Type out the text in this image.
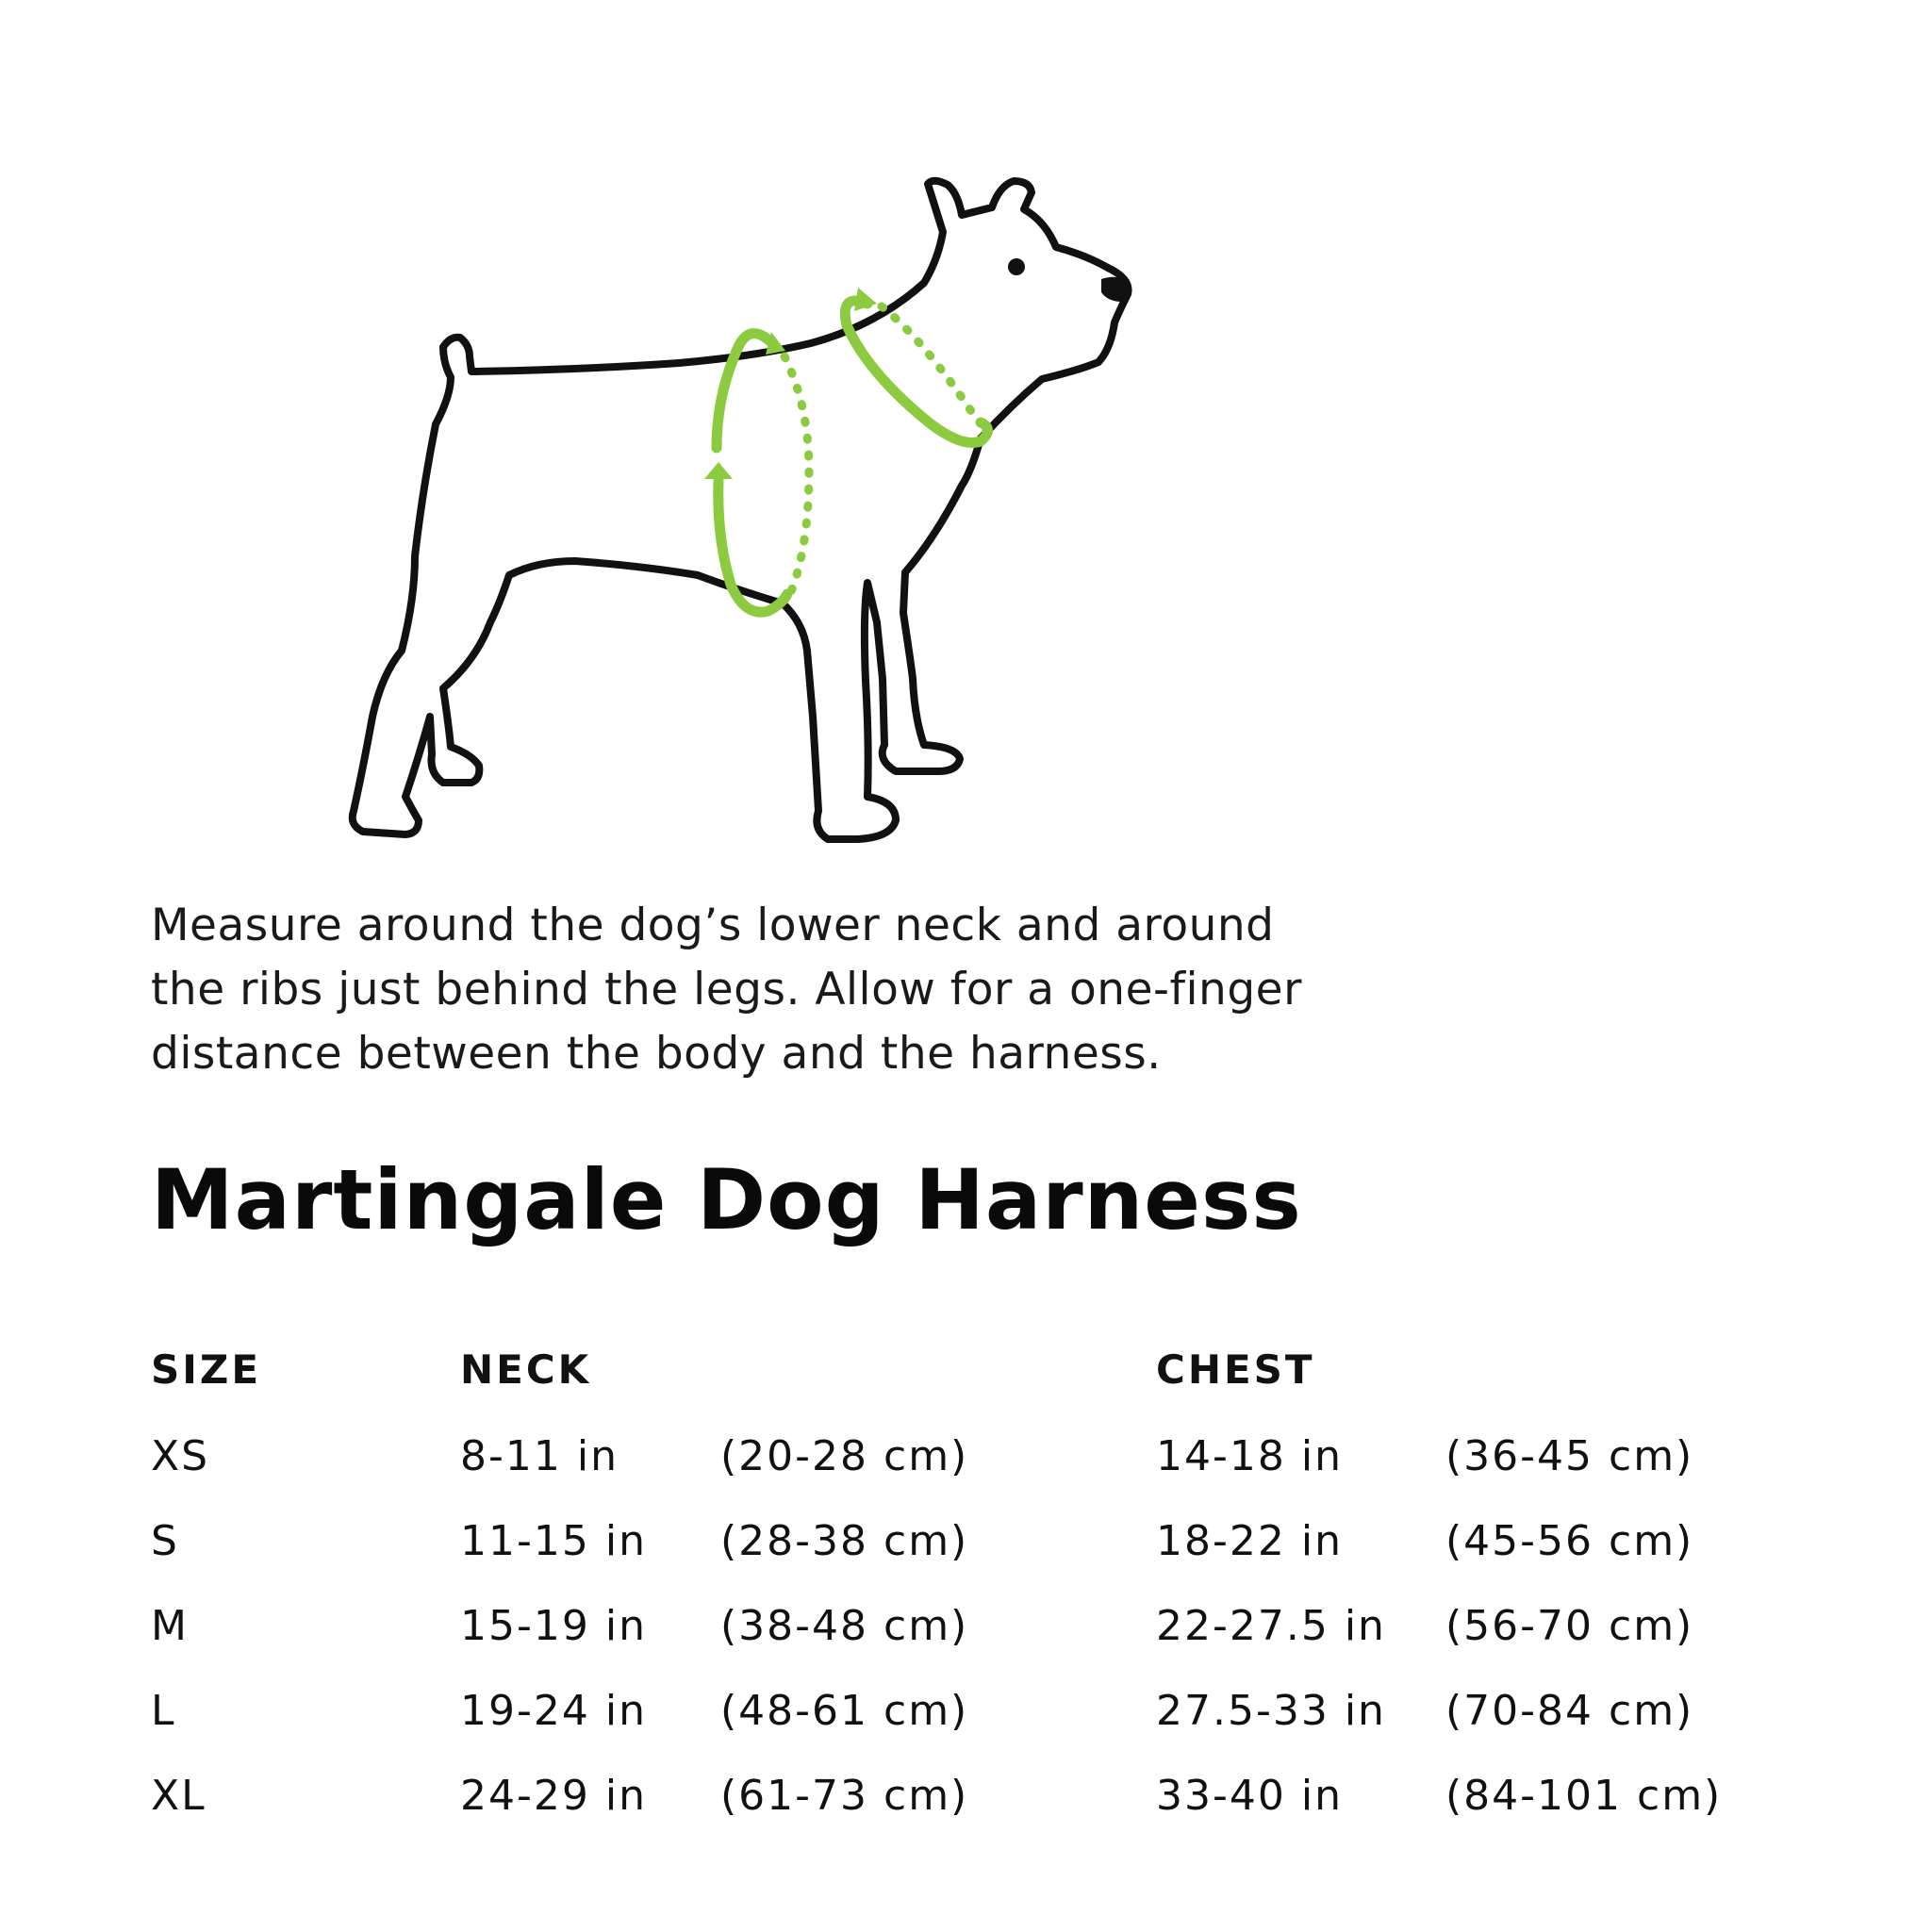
Measure around the dog’s lower neck and around
the ribs just behind the legs. Allow for a one-finger
distance between the body and the harness.
Martingale Dog Harness
SIZE	NECK	CHEST
XS	8-11 in (20-28 cm)	14-18 in (36-45 cm)
S	11-15 in (28-38 cm)	18-22 in (45-56 cm)
M	15-19 in (38-48 cm)	22-27.5 in (56-70 cm)
L	19-24 in (48-61 cm)	27.5-33 in (70-84 cm)
XL	24-29 in (61-73 cm)	33-40 in (84-101 cm)
